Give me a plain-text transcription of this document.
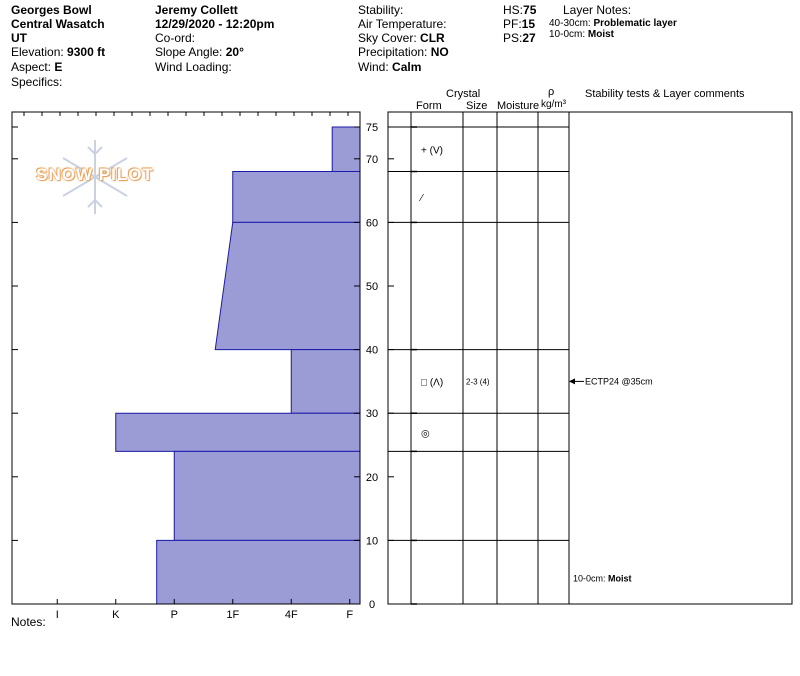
Georges Bowl
Central Wasatch
UT
Elevation: 9300 ft
Aspect: E
Specifics:
Jeremy Collett
12/29/2020 - 12:20pm
Co-ord:
Slope Angle: 20°
Wind Loading:
Stability:
Air Temperature:
Sky Cover: CLR
Precipitation: NO
Wind: Calm
HS:75
PF:15
PS:27
Layer Notes:
40-30cm: Problematic layer
10-0cm: Moist
Crystal
Form Size Moisture
ρ
kg/m³
Stability tests & Layer comments
SNOW PILOT
Notes: I	K	P	1F	4F	F
0
10
20
30
40
50
60
70
75
+ (V)
⁄
□ (Λ)	2-3 (4)
◎
ECTP24 @35cm
10-0cm: Moist
